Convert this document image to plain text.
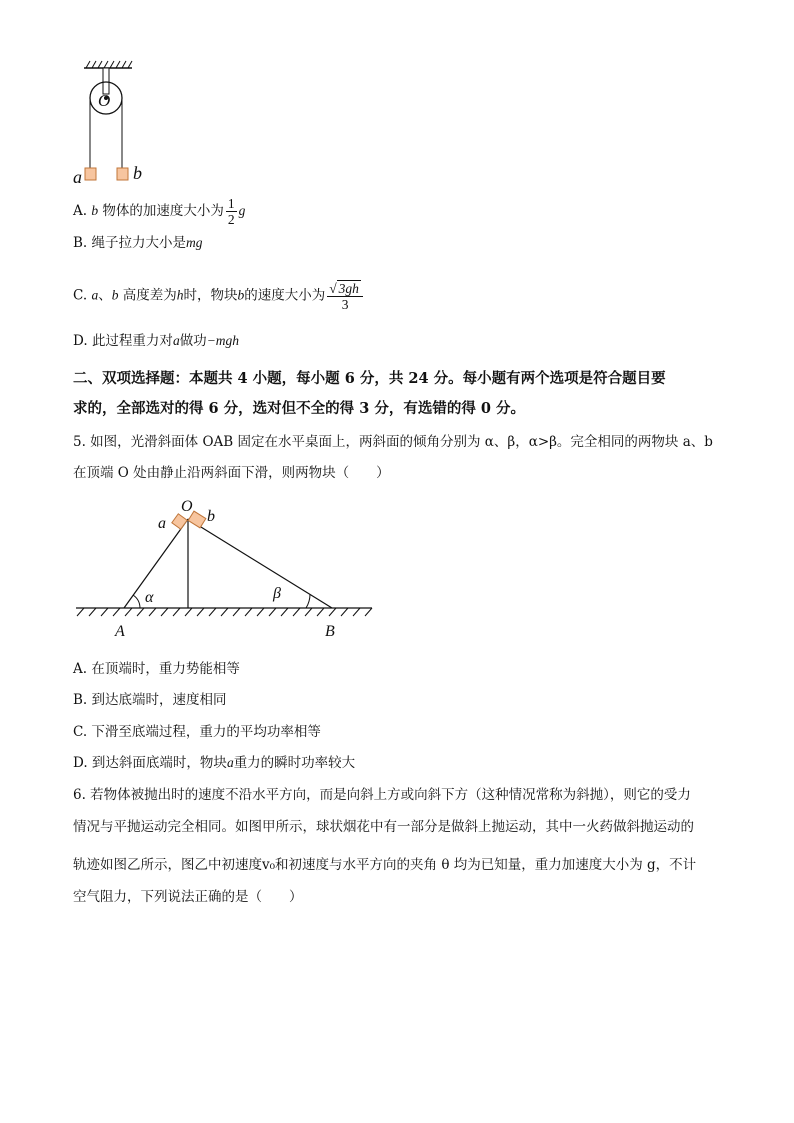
O
a	b
A. b 物体的加速度大小为 $\frac{1}{2}$ g
B. 绳子拉力大小是mg
C. a、b 高度差为h时，物块b的速度大小为 $\frac{√ 3gh}{3}$
D. 此过程重力对a做功−mgh
二、双项选择题：本题共 4 小题，每小题 6 分，共 24 分。每小题有两个选项是符合题目要
求的，全部选对的得 6 分，选对但不全的得 3 分，有选错的得 0 分。
5. 如图，光滑斜面体 OAB 固定在水平桌面上，两斜面的倾角分别为 α、β，α>β。完全相同的两物块 a、b
在顶端 O 处由静止沿两斜面下滑，则两物块（　　）
O
a	b
α	β
A	B
A. 在顶端时，重力势能相等
B. 到达底端时，速度相同
C. 下滑至底端过程，重力的平均功率相等
D. 到达斜面底端时，物块a重力的瞬时功率较大
6. 若物体被抛出时的速度不沿水平方向，而是向斜上方或向斜下方（这种情况常称为斜抛），则它的受力
情况与平抛运动完全相同。如图甲所示，球状烟花中有一部分是做斜上抛运动，其中一火药做斜抛运动的
轨迹如图乙所示，图乙中初速度v₀和初速度与水平方向的夹角 θ 均为已知量，重力加速度大小为 g，不计
空气阻力，下列说法正确的是（　　）
